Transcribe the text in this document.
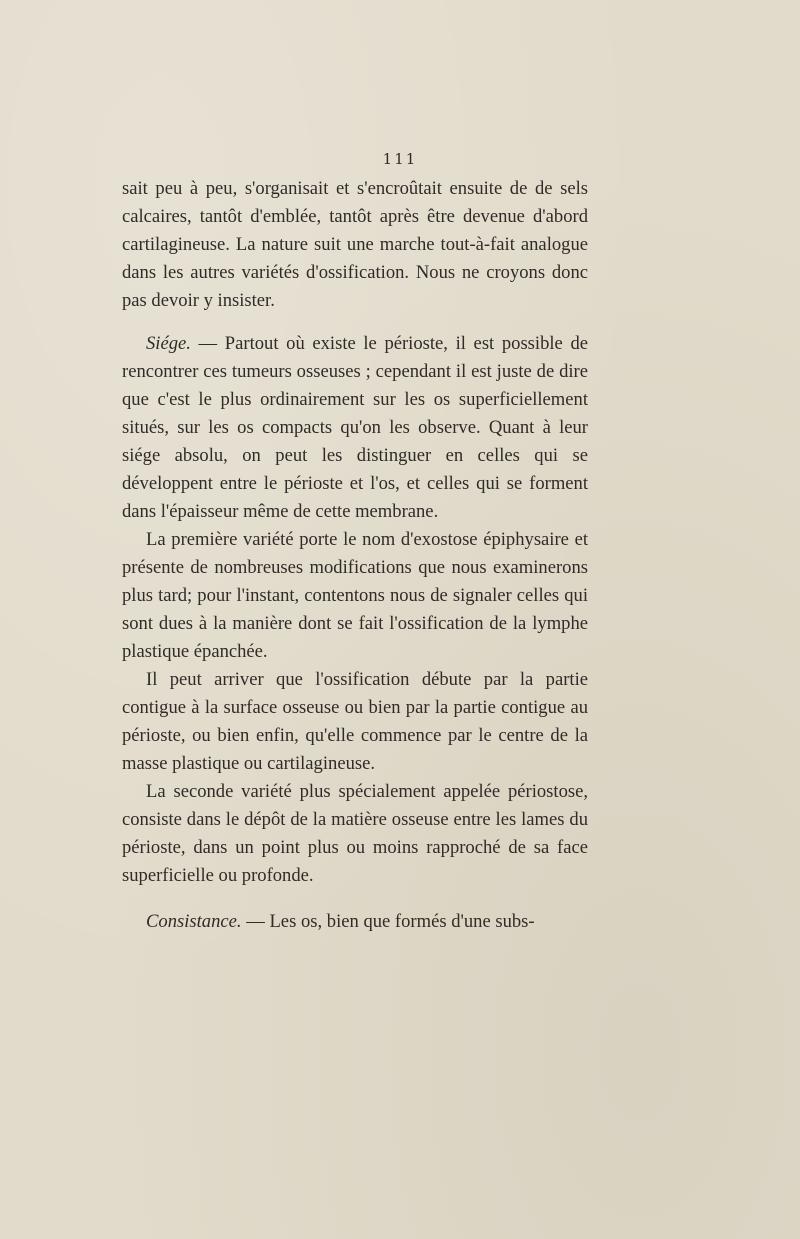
111

sait peu à peu, s'organisait et s'encroûtait ensuite de de sels calcaires, tantôt d'emblée, tantôt après être devenue d'abord cartilagineuse. La nature suit une marche tout-à-fait analogue dans les autres variétés d'ossification. Nous ne croyons donc pas devoir y insister.

Siége. — Partout où existe le périoste, il est possible de rencontrer ces tumeurs osseuses ; cependant il est juste de dire que c'est le plus ordinairement sur les os superficiellement situés, sur les os compacts qu'on les observe. Quant à leur siége absolu, on peut les distinguer en celles qui se développent entre le périoste et l'os, et celles qui se forment dans l'épaisseur même de cette membrane.

La première variété porte le nom d'exostose épiphysaire et présente de nombreuses modifications que nous examinerons plus tard; pour l'instant, contentons nous de signaler celles qui sont dues à la manière dont se fait l'ossification de la lymphe plastique épanchée.

Il peut arriver que l'ossification débute par la partie contigue à la surface osseuse ou bien par la partie contigue au périoste, ou bien enfin, qu'elle commence par le centre de la masse plastique ou cartilagineuse.

La seconde variété plus spécialement appelée périostose, consiste dans le dépôt de la matière osseuse entre les lames du périoste, dans un point plus ou moins rapproché de sa face superficielle ou profonde.

Consistance. — Les os, bien que formés d'une subs-
